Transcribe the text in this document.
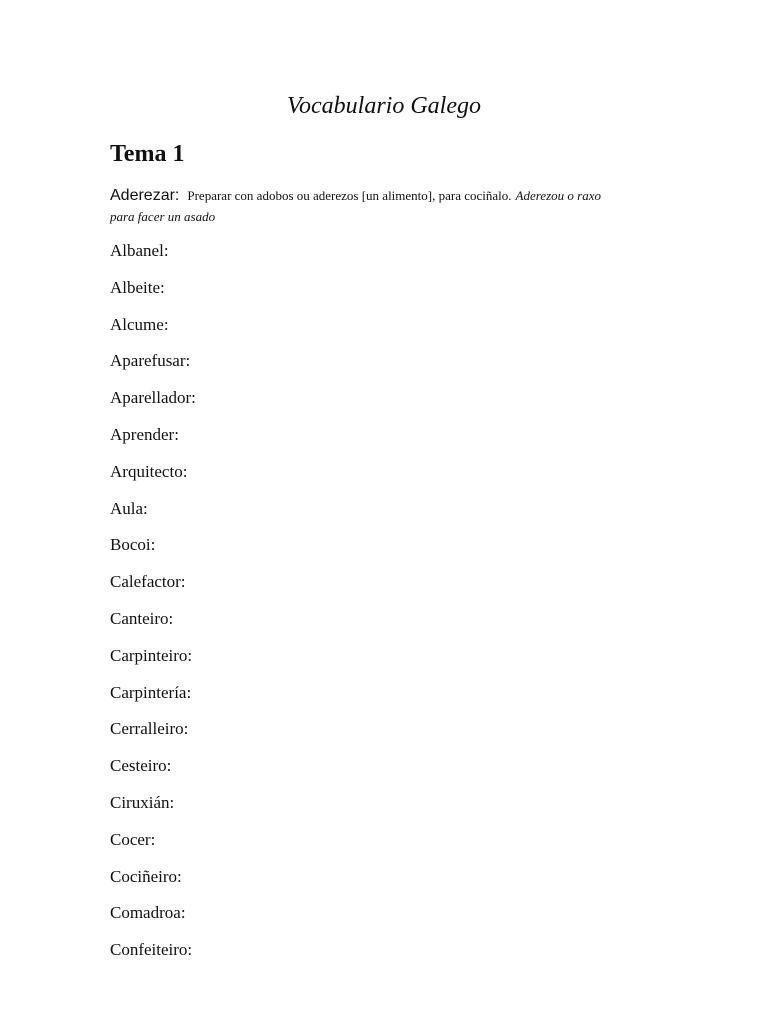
Vocabulario Galego
Tema 1
Aderezar: Preparar con adobos ou aderezos [un alimento], para cociñalo. Aderezou o raxo
para facer un asado
Albanel:
Albeite:
Alcume:
Aparefusar:
Aparellador:
Aprender:
Arquitecto:
Aula:
Bocoi:
Calefactor:
Canteiro:
Carpinteiro:
Carpintería:
Cerralleiro:
Cesteiro:
Ciruxián:
Cocer:
Cociñeiro:
Comadroa:
Confeiteiro:
